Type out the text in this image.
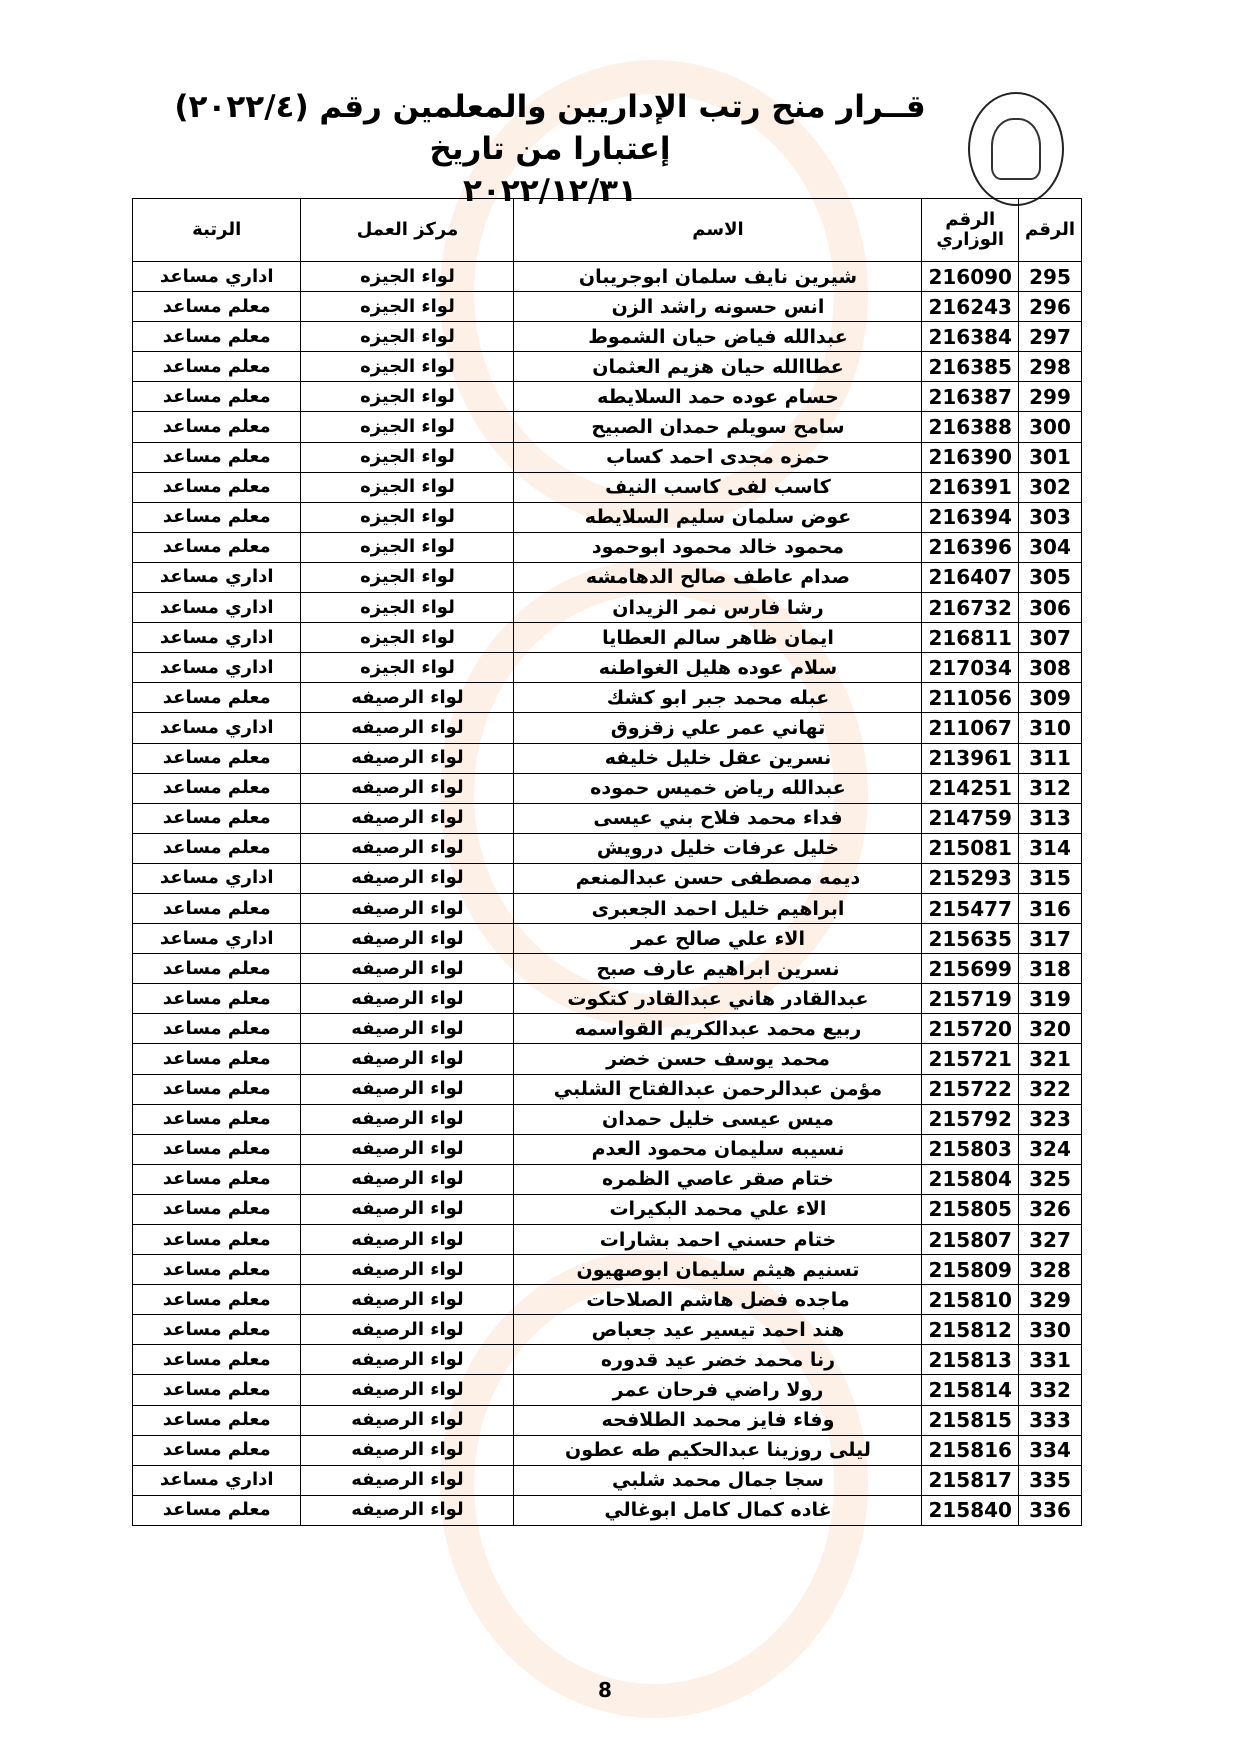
قــرار منح رتب الإداريين والمعلمين رقم (٢٠٢٢/٤) إعتبارا من تاريخ
٢٠٢٢/١٢/٣١
الرقم	الرقم الوزاري	الاسم	مركز العمل	الرتبة
295	216090	شيرين نايف سلمان ابوجريبان	لواء الجيزه	اداري مساعد
296	216243	انس حسونه راشد الزن	لواء الجيزه	معلم مساعد
297	216384	عبدالله فياض حيان الشموط	لواء الجيزه	معلم مساعد
298	216385	عطاالله حيان هزيم العثمان	لواء الجيزه	معلم مساعد
299	216387	حسام عوده حمد السلايطه	لواء الجيزه	معلم مساعد
300	216388	سامح سويلم حمدان الصبيح	لواء الجيزه	معلم مساعد
301	216390	حمزه مجدى احمد كساب	لواء الجيزه	معلم مساعد
302	216391	كاسب لفى كاسب النيف	لواء الجيزه	معلم مساعد
303	216394	عوض سلمان سليم السلايطه	لواء الجيزه	معلم مساعد
304	216396	محمود خالد محمود ابوحمود	لواء الجيزه	معلم مساعد
305	216407	صدام عاطف صالح الدهامشه	لواء الجيزه	اداري مساعد
306	216732	رشا فارس نمر الزيدان	لواء الجيزه	اداري مساعد
307	216811	ايمان ظاهر سالم العطايا	لواء الجيزه	اداري مساعد
308	217034	سلام عوده هليل الغواطنه	لواء الجيزه	اداري مساعد
309	211056	عبله محمد جبر ابو كشك	لواء الرصيفه	معلم مساعد
310	211067	تهاني عمر علي زقزوق	لواء الرصيفه	اداري مساعد
311	213961	نسرين عقل خليل خليفه	لواء الرصيفه	معلم مساعد
312	214251	عبدالله رياض خميس حموده	لواء الرصيفه	معلم مساعد
313	214759	فداء محمد فلاح بني عيسى	لواء الرصيفه	معلم مساعد
314	215081	خليل عرفات خليل درويش	لواء الرصيفه	معلم مساعد
315	215293	ديمه مصطفى حسن عبدالمنعم	لواء الرصيفه	اداري مساعد
316	215477	ابراهيم خليل احمد الجعبرى	لواء الرصيفه	معلم مساعد
317	215635	الاء علي صالح عمر	لواء الرصيفه	اداري مساعد
318	215699	نسرين ابراهيم عارف صبح	لواء الرصيفه	معلم مساعد
319	215719	عبدالقادر هاني عبدالقادر كتكوت	لواء الرصيفه	معلم مساعد
320	215720	ربيع محمد عبدالكريم القواسمه	لواء الرصيفه	معلم مساعد
321	215721	محمد يوسف حسن خضر	لواء الرصيفه	معلم مساعد
322	215722	مؤمن عبدالرحمن عبدالفتاح الشلبي	لواء الرصيفه	معلم مساعد
323	215792	ميس عيسى خليل حمدان	لواء الرصيفه	معلم مساعد
324	215803	نسيبه سليمان محمود العدم	لواء الرصيفه	معلم مساعد
325	215804	ختام صقر عاصي الظمره	لواء الرصيفه	معلم مساعد
326	215805	الاء علي محمد البكيرات	لواء الرصيفه	معلم مساعد
327	215807	ختام حسني احمد بشارات	لواء الرصيفه	معلم مساعد
328	215809	تسنيم هيثم سليمان ابوصهيون	لواء الرصيفه	معلم مساعد
329	215810	ماجده فضل هاشم الصلاحات	لواء الرصيفه	معلم مساعد
330	215812	هند احمد تيسير عيد جعباص	لواء الرصيفه	معلم مساعد
331	215813	رنا محمد خضر عيد قدوره	لواء الرصيفه	معلم مساعد
332	215814	رولا راضي فرحان عمر	لواء الرصيفه	معلم مساعد
333	215815	وفاء فايز محمد الطلافحه	لواء الرصيفه	معلم مساعد
334	215816	ليلى روزينا عبدالحكيم طه عطون	لواء الرصيفه	معلم مساعد
335	215817	سجا جمال محمد شلبي	لواء الرصيفه	اداري مساعد
336	215840	غاده كمال كامل ابوغالي	لواء الرصيفه	معلم مساعد
8
